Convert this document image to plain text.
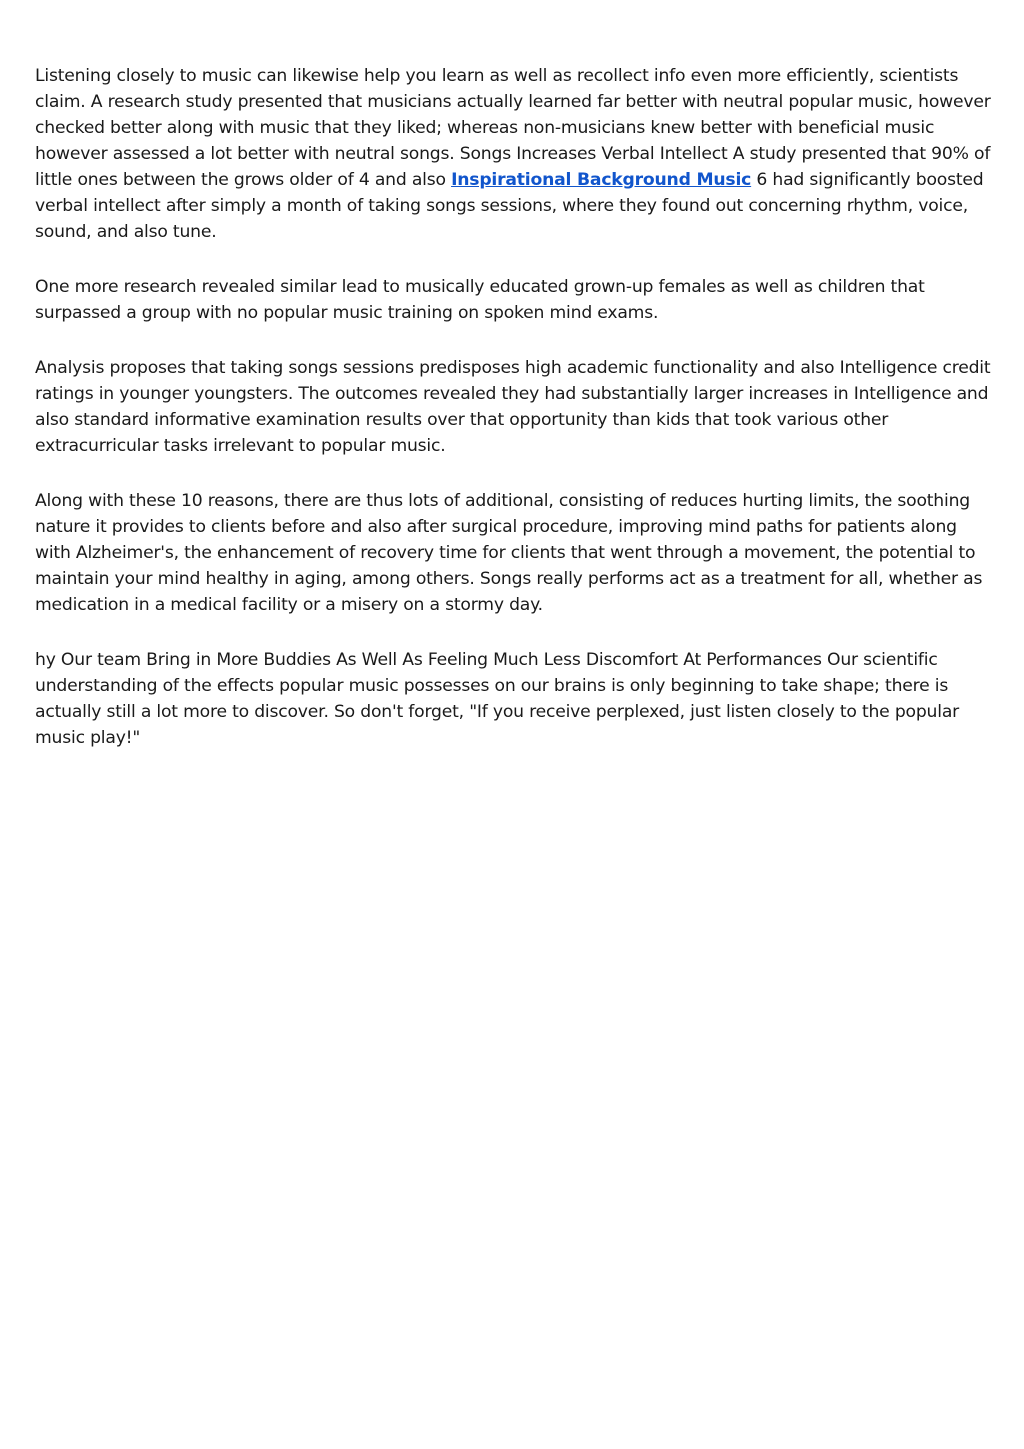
Listening closely to music can likewise help you learn as well as recollect info even more efficiently, scientists claim. A research study presented that musicians actually learned far better with neutral popular music, however checked better along with music that they liked; whereas non-musicians knew better with beneficial music however assessed a lot better with neutral songs. Songs Increases Verbal Intellect A study presented that 90% of little ones between the grows older of 4 and also Inspirational Background Music 6 had significantly boosted verbal intellect after simply a month of taking songs sessions, where they found out concerning rhythm, voice, sound, and also tune.

One more research revealed similar lead to musically educated grown-up females as well as children that surpassed a group with no popular music training on spoken mind exams.

Analysis proposes that taking songs sessions predisposes high academic functionality and also Intelligence credit ratings in younger youngsters. The outcomes revealed they had substantially larger increases in Intelligence and also standard informative examination results over that opportunity than kids that took various other extracurricular tasks irrelevant to popular music.

Along with these 10 reasons, there are thus lots of additional, consisting of reduces hurting limits, the soothing nature it provides to clients before and also after surgical procedure, improving mind paths for patients along with Alzheimer's, the enhancement of recovery time for clients that went through a movement, the potential to maintain your mind healthy in aging, among others. Songs really performs act as a treatment for all, whether as medication in a medical facility or a misery on a stormy day.

hy Our team Bring in More Buddies As Well As Feeling Much Less Discomfort At Performances Our scientific understanding of the effects popular music possesses on our brains is only beginning to take shape; there is actually still a lot more to discover. So don't forget, "If you receive perplexed, just listen closely to the popular music play!"
